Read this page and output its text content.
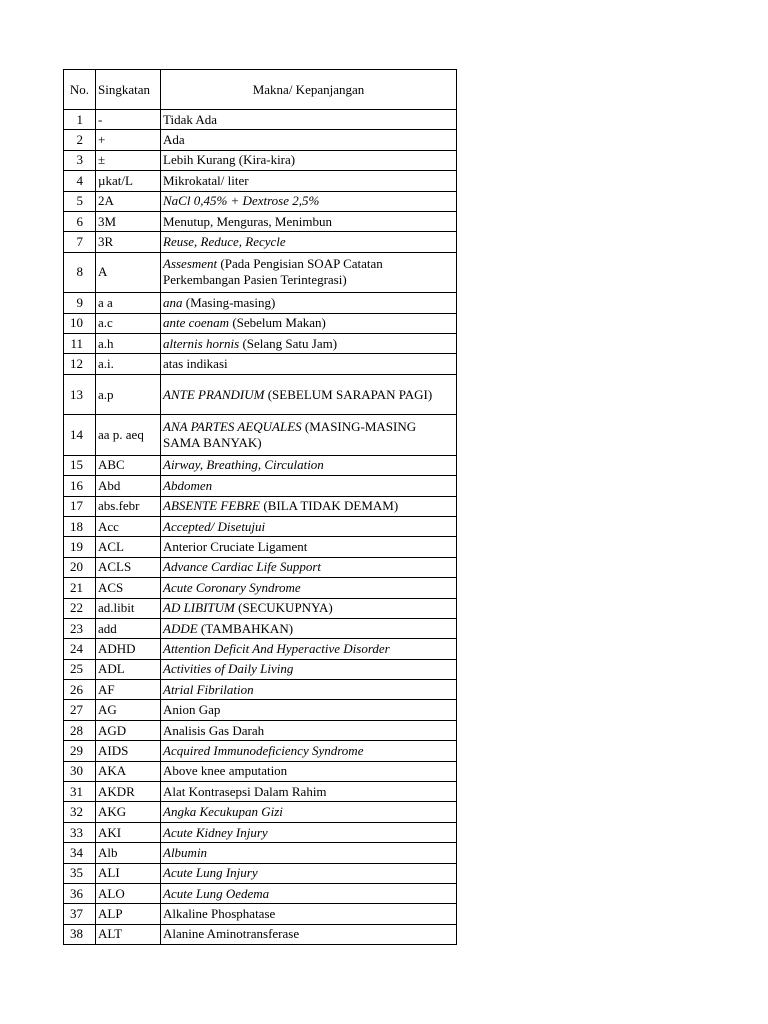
No.	Singkatan	Makna/ Kepanjangan
1	-	Tidak Ada
2	+	Ada
3	±	Lebih Kurang (Kira-kira)
4	µkat/L	Mikrokatal/ liter
5	2A	NaCl 0,45% + Dextrose 2,5%
6	3M	Menutup, Menguras, Menimbun
7	3R	Reuse, Reduce, Recycle
8	A	Assesment (Pada Pengisian SOAP Catatan Perkembangan Pasien Terintegrasi)
9	a a	ana (Masing-masing)
10	a.c	ante coenam (Sebelum Makan)
11	a.h	alternis hornis (Selang Satu Jam)
12	a.i.	atas indikasi
13	a.p	ANTE PRANDIUM (SEBELUM SARAPAN PAGI)
14	aa p. aeq	ANA PARTES AEQUALES (MASING-MASING SAMA BANYAK)
15	ABC	Airway, Breathing, Circulation
16	Abd	Abdomen
17	abs.febr	ABSENTE FEBRE (BILA TIDAK DEMAM)
18	Acc	Accepted/ Disetujui
19	ACL	Anterior Cruciate Ligament
20	ACLS	Advance Cardiac Life Support
21	ACS	Acute Coronary Syndrome
22	ad.libit	AD LIBITUM (SECUKUPNYA)
23	add	ADDE (TAMBAHKAN)
24	ADHD	Attention Deficit And Hyperactive Disorder
25	ADL	Activities of Daily Living
26	AF	Atrial Fibrilation
27	AG	Anion Gap
28	AGD	Analisis Gas Darah
29	AIDS	Acquired Immunodeficiency Syndrome
30	AKA	Above knee amputation
31	AKDR	Alat Kontrasepsi Dalam Rahim
32	AKG	Angka Kecukupan Gizi
33	AKI	Acute Kidney Injury
34	Alb	Albumin
35	ALI	Acute Lung Injury
36	ALO	Acute Lung Oedema
37	ALP	Alkaline Phosphatase
38	ALT	Alanine Aminotransferase
